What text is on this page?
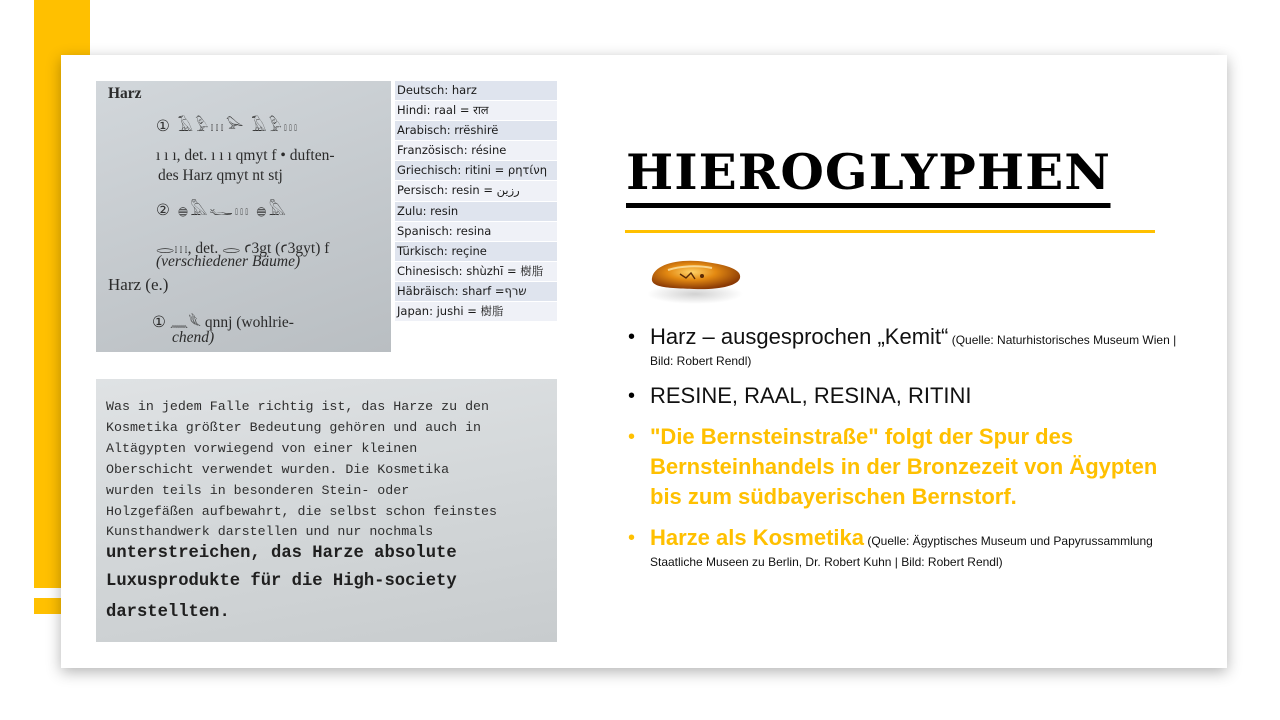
Harz
① 𓄿𓅱𓏥𓅪 𓄿𓅱𓏥
ı ı ı, det. ı ı ı qmyt f • duften-
des Harz qmyt nt stj
② 𓐍𓅓𓆑𓏥 𓐍𓅓
𓂋𓏥, det. 𓂋 ꜥ3gt (ꜥ3gyt) f
(verschiedener Bäume)
Harz (e.)
① 𓈖𓆰 qnnj (wohlrie-
chend)
Deutsch: harz
Hindi: raal = राल
Arabisch: rrëshirë
Französisch: résine
Griechisch: ritini = ρητίνη
Persisch: resin = رزین
Zulu: resin
Spanisch: resina
Türkisch: reçine
Chinesisch: shùzhī = 樹脂
Häbräisch: sharf =שרף
Japan: jushi = 樹脂
Was in jedem Falle richtig ist, das Harze zu den
Kosmetika größter Bedeutung gehören und auch in
Altägypten vorwiegend von einer kleinen
Oberschicht verwendet wurden. Die Kosmetika
wurden teils in besonderen Stein- oder
Holzgefäßen aufbewahrt, die selbst schon feinstes
Kunsthandwerk darstellen und nur nochmals
unterstreichen, das Harze absolute
Luxusprodukte für die High-society
darstellten.
HIEROGLYPHEN
• Harz – ausgesprochen „Kemit“ (Quelle: Naturhistorisches Museum Wien | Bild: Robert Rendl)
• RESINE, RAAL, RESINA, RITINI
• "Die Bernsteinstraße" folgt der Spur des Bernsteinhandels in der Bronzezeit von Ägypten bis zum südbayerischen Bernstorf.
• Harze als Kosmetika (Quelle: Ägyptisches Museum und Papyrussammlung Staatliche Museen zu Berlin, Dr. Robert Kuhn | Bild: Robert Rendl)
